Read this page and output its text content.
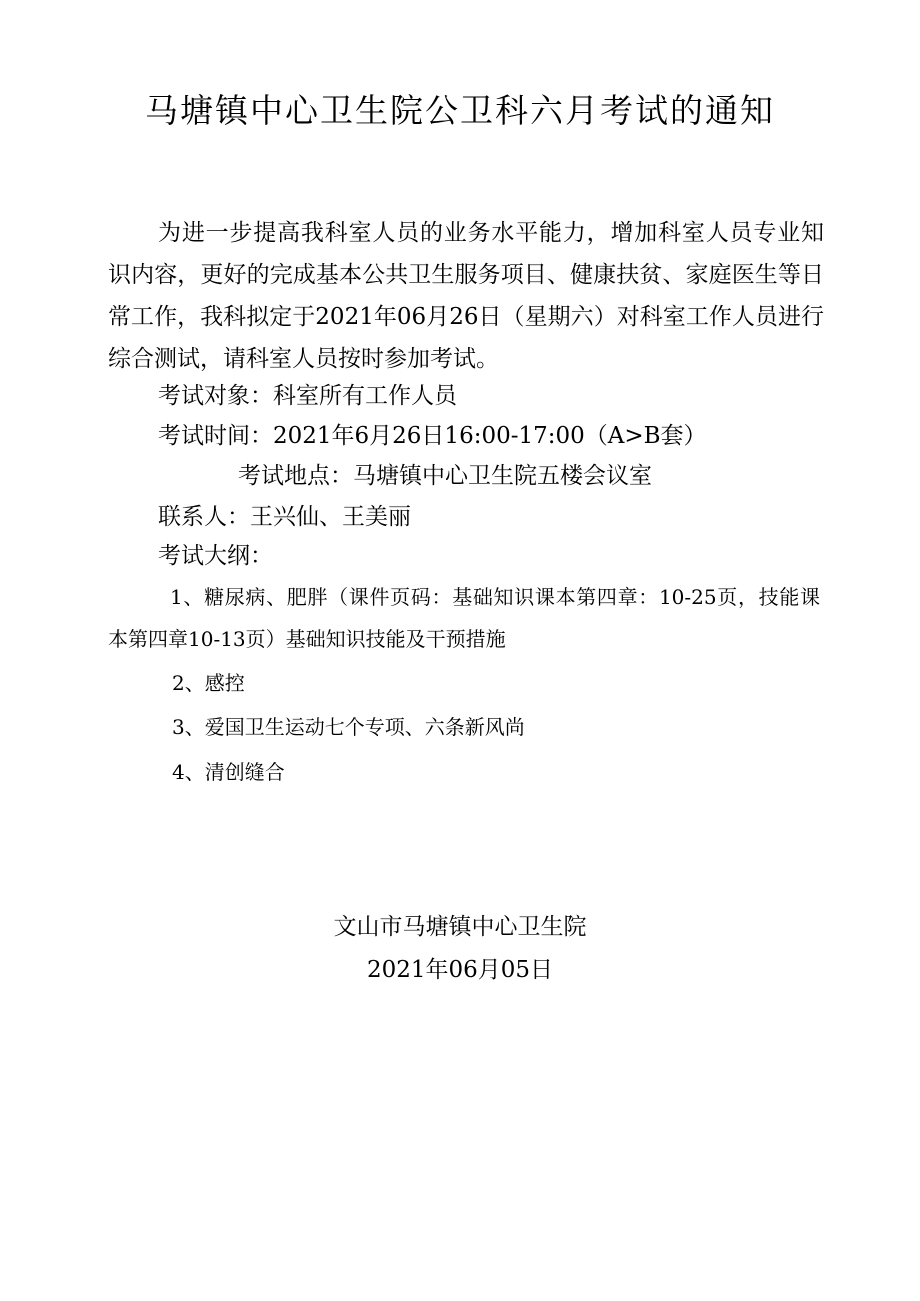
马塘镇中心卫生院公卫科六月考试的通知
为进一步提高我科室人员的业务水平能力，增加科室人员专业知识内容，更好的完成基本公共卫生服务项目、健康扶贫、家庭医生等日常工作，我科拟定于2021年06月26日（星期六）对科室工作人员进行综合测试，请科室人员按时参加考试。
考试对象：科室所有工作人员
考试时间：2021年6月26日16:00-17:00（A>B套）
考试地点：马塘镇中心卫生院五楼会议室
联系人：王兴仙、王美丽
考试大纲：
1、糖尿病、肥胖（课件页码：基础知识课本第四章：10-25页，技能课本第四章10-13页）基础知识技能及干预措施
2、感控
3、爱国卫生运动七个专项、六条新风尚
4、清创缝合
文山市马塘镇中心卫生院
2021年06月05日
